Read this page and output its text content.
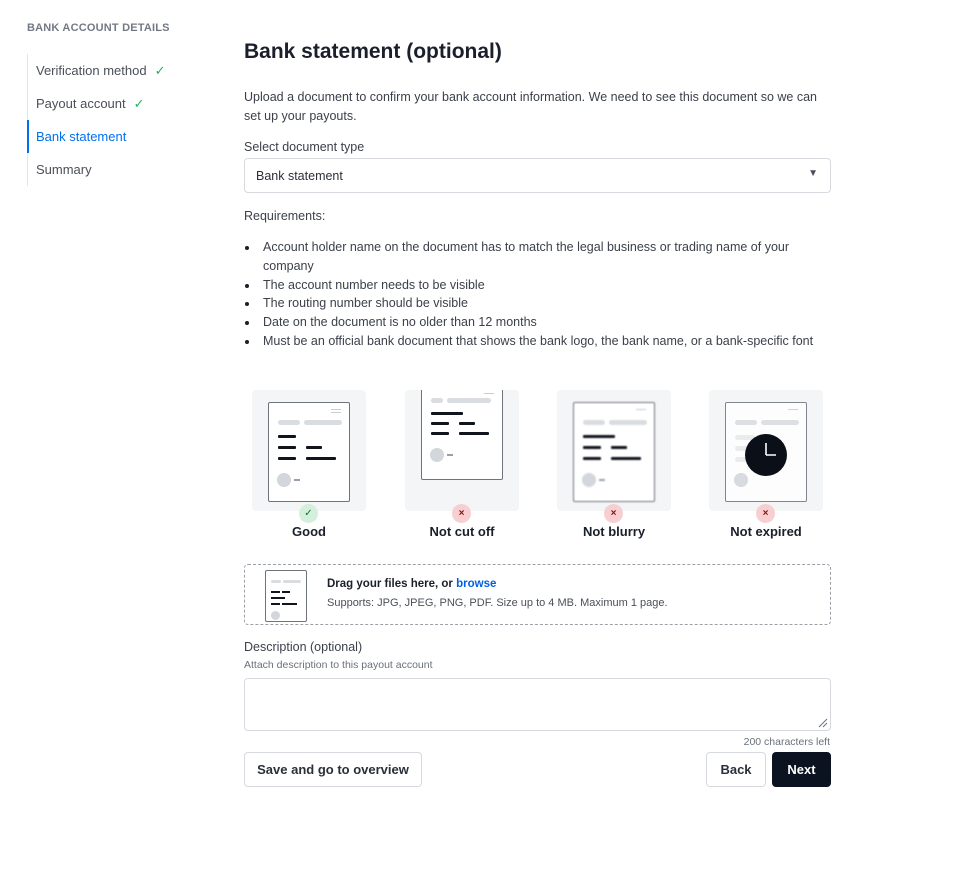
BANK ACCOUNT DETAILS
Verification method ✓
Payout account ✓
Bank statement
Summary
Bank statement (optional)

Upload a document to confirm your bank account information. We need to see this document so we can set up your payouts.

Select document type
Bank statement	▼
Requirements:
Account holder name on the document has to match the legal business or trading name of your company
The account number needs to be visible
The routing number should be visible
Date on the document is no older than 12 months
Must be an official bank document that shows the bank logo, the bank name, or a bank-specific font
✓
Good
×
Not cut off
×
Not blurry
×
Not expired
Drag your files here, or browse
Supports: JPG, JPEG, PNG, PDF. Size up to 4 MB. Maximum 1 page.
Description (optional)
Attach description to this payout account
200 characters left
Save and go to overview	Back	Next
